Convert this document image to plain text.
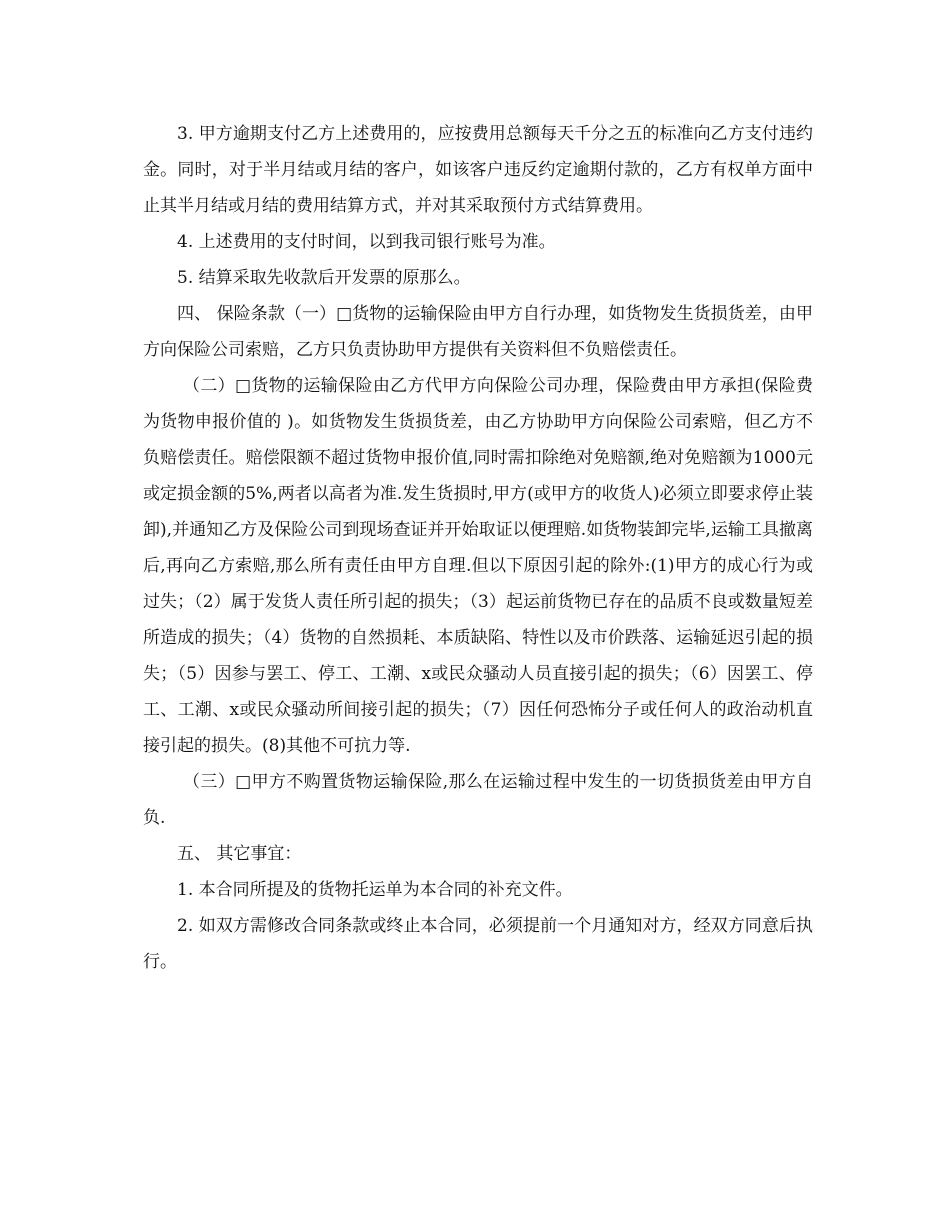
3. 甲方逾期支付乙方上述费用的，应按费用总额每天千分之五的标准向乙方支付违约金。同时，对于半月结或月结的客户，如该客户违反约定逾期付款的，乙方有权单方面中止其半月结或月结的费用结算方式，并对其采取预付方式结算费用。

4. 上述费用的支付时间，以到我司银行账号为准。

5. 结算采取先收款后开发票的原那么。

四、 保险条款（一）□货物的运输保险由甲方自行办理，如货物发生货损货差，由甲方向保险公司索赔，乙方只负责协助甲方提供有关资料但不负赔偿责任。

（二）□货物的运输保险由乙方代甲方向保险公司办理，保险费由甲方承担(保险费为货物申报价值的 )。如货物发生货损货差，由乙方协助甲方向保险公司索赔，但乙方不负赔偿责任。赔偿限额不超过货物申报价值,同时需扣除绝对免赔额,绝对免赔额为1000元或定损金额的5%,两者以高者为准.发生货损时,甲方(或甲方的收货人)必须立即要求停止装卸),并通知乙方及保险公司到现场查证并开始取证以便理赔.如货物装卸完毕,运输工具撤离后,再向乙方索赔,那么所有责任由甲方自理.但以下原因引起的除外:(1)甲方的成心行为或过失；（2）属于发货人责任所引起的损失；（3）起运前货物已存在的品质不良或数量短差所造成的损失；（4）货物的自然损耗、本质缺陷、特性以及市价跌落、运输延迟引起的损失；（5）因参与罢工、停工、工潮、x或民众骚动人员直接引起的损失；（6）因罢工、停工、工潮、x或民众骚动所间接引起的损失；（7）因任何恐怖分子或任何人的政治动机直接引起的损失。(8)其他不可抗力等.

（三）□甲方不购置货物运输保险,那么在运输过程中发生的一切货损货差由甲方自负.

五、 其它事宜：

1. 本合同所提及的货物托运单为本合同的补充文件。

2. 如双方需修改合同条款或终止本合同，必须提前一个月通知对方，经双方同意后执行。
